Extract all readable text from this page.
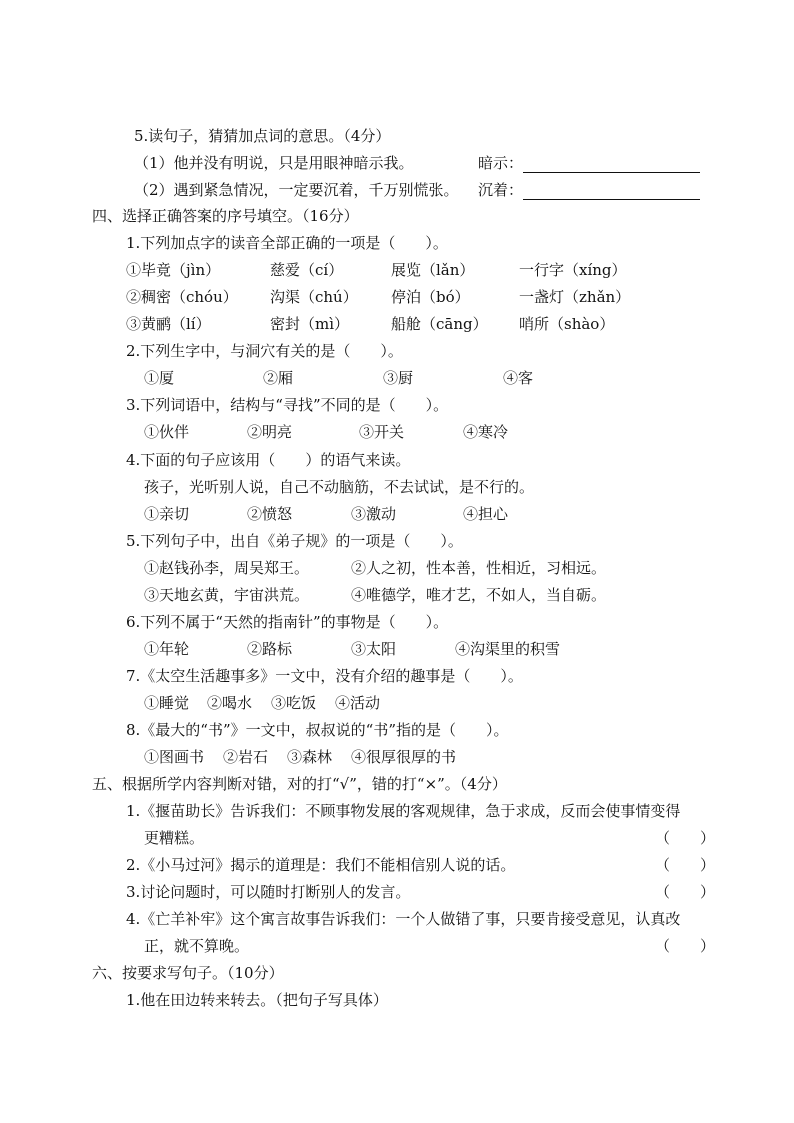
5.读句子，猜猜加点词的意思。（4分）
（1）他并没有明说，只是用眼神暗示我。	暗示：
（2）遇到紧急情况，一定要沉着，千万别慌张。 沉着：
四、选择正确答案的序号填空。（16分）
1.下列加点字的读音全部正确的一项是（　　）。
①毕竟（jìn）	慈爱（cí）	展览（lǎn）	一行字（xíng）
②稠密（chóu） 沟渠（chú） 停泊（bó）	一盏灯（zhǎn）
③黄鹂（lí）	密封（mì）	船舱（cāng） 哨所（shào）
2.下列生字中，与洞穴有关的是（　　）。
①厦	②厢	③厨	④客
3.下列词语中，结构与“寻找”不同的是（　　）。
①伙伴	②明亮	③开关	④寒冷
4.下面的句子应该用（　　）的语气来读。
孩子，光听别人说，自己不动脑筋，不去试试，是不行的。
①亲切	②愤怒	③激动	④担心
5.下列句子中，出自《弟子规》的一项是（　　）。
①赵钱孙李，周吴郑王。	②人之初，性本善，性相近，习相远。
③天地玄黄，宇宙洪荒。	④唯德学，唯才艺，不如人，当自砺。
6.下列不属于“天然的指南针”的事物是（　　）。
①年轮	②路标	③太阳	④沟渠里的积雪
7.《太空生活趣事多》一文中，没有介绍的趣事是（　　）。
①睡觉 ②喝水 ③吃饭 ④活动
8.《最大的“书”》一文中，叔叔说的“书”指的是（　　）。
①图画书 ②岩石 ③森林 ④很厚很厚的书
五、根据所学内容判断对错，对的打“√”，错的打“×”。（4分）
1.《揠苗助长》告诉我们：不顾事物发展的客观规律，急于求成，反而会使事情变得
更糟糕。	（　　）
2.《小马过河》揭示的道理是：我们不能相信别人说的话。	（　　）
3.讨论问题时，可以随时打断别人的发言。	（　　）
4.《亡羊补牢》这个寓言故事告诉我们：一个人做错了事，只要肯接受意见，认真改
正，就不算晚。	（　　）
六、按要求写句子。（10分）
1.他在田边转来转去。（把句子写具体）
